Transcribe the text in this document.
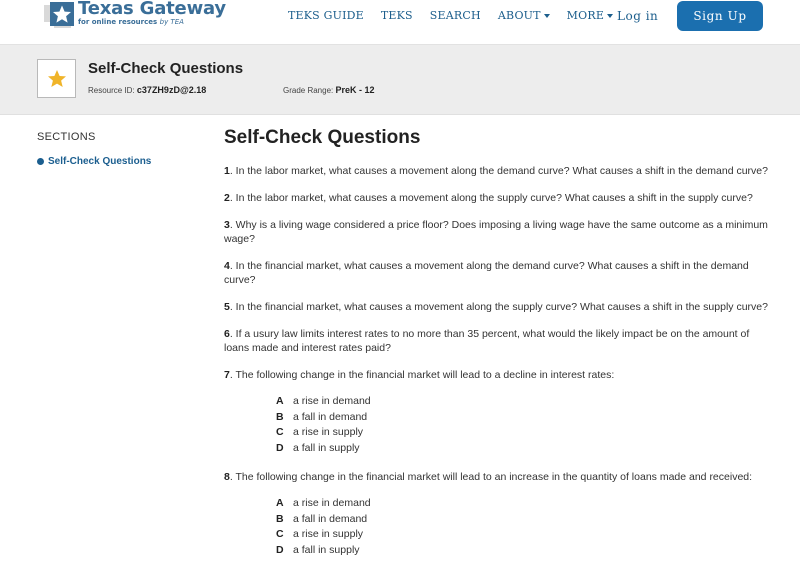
Texas Gateway
for online resources by TEA	TEKS GUIDE TEKS SEARCH ABOUT MORE Log in	Sign Up
Self-Check Questions
Resource ID: c37ZH9zD@2.18	Grade Range: PreK - 12
SECTIONS
Self-Check Questions
Self-Check Questions

1. In the labor market, what causes a movement along the demand curve? What causes a shift in the demand curve?

2. In the labor market, what causes a movement along the supply curve? What causes a shift in the supply curve?

3. Why is a living wage considered a price floor? Does imposing a living wage have the same outcome as a minimum wage?

4. In the financial market, what causes a movement along the demand curve? What causes a shift in the demand curve?

5. In the financial market, what causes a movement along the supply curve? What causes a shift in the supply curve?

6. If a usury law limits interest rates to no more than 35 percent, what would the likely impact be on the amount of loans made and interest rates paid?

7. The following change in the financial market will lead to a decline in interest rates:

A a rise in demand
B a fall in demand
C a rise in supply
D a fall in supply

8. The following change in the financial market will lead to an increase in the quantity of loans made and received:

A a rise in demand
B a fall in demand
C a rise in supply
D a fall in supply
